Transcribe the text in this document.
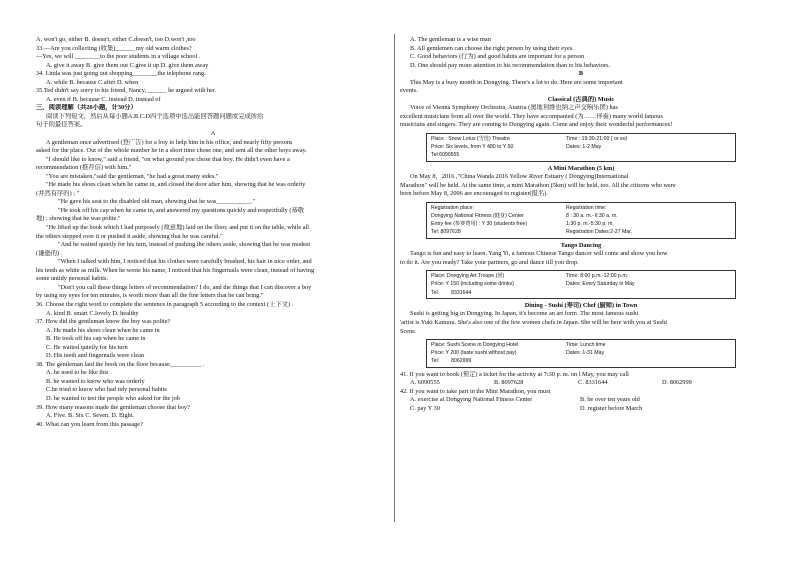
A. won't go, either B. doesn't, either C.doesn't, too D.won't ,too
33.—Are you collecting (收集)______ my old warm clothes?
—Yes, we will ________to the poor students in a village school .
A. give it away B. give them out C.give it up D. give them away
34. Linda was just going out shopping________the telephone rang.
A. while B. because C.after D. when
35.Ted didn't say sorry to his friend, Nancy, ______ he argued with her.
A. even if B. because C. instead D. instead of
三、阅读理解（共20小题，计30分）
阅读下列短文，然后从每小题A.B.C.D四个选项中选出能回答题问题或完成所给
句子的最佳答案。
A
A gentleman once advertised (登广告) for a boy to help him in his office, and nearly fifty persons
asked for the place. Out of the whole number he in a short time chose one, and sent all the other boys away.
"I should like to know," said a friend, "on what ground you chose that boy. He didn't even have a
recommendation (推荐信) with him."
"You are mistaken,"said the gentleman, "he had a great many sides."
"He made his shoes clean when he came in, and closed the door after him, showing that he was orderly
(井然有序的) ; "
"He gave his seat to the disabled old man, showing that he was___________."
"He took off his cap when he came in, and answered my questions quickly and respectfully (恭敬
地) ; showing that he was polite."
"He lifted up the book which I had purposely (故意地) laid on the floor, and put it on the table, while all
the others stepped over it or pushed it aside, showing that he was careful."
"And he waited quietly for his turn, instead of pushing the others aside, showing that he was modest
(谦逊的) .
"When I talked with him, I noticed that his clothes were carefully brushed, his hair in nice order, and
his teeth as white as milk. When he wrote his name, I noticed that his fingernails were clean, instead of having
some untidy personal habits.
"Don't you call these things letters of recommendation? I do, and the things that I can discover a boy
by using my eyes for ten minutes, is worth more than all the fine letters that he can bring."
36. Choose the right word to complete the sentence in paragraph 5 according to the context (上下文) .
A. kind B. smart C.lovely D. healthy
37. How did the gentleman know the boy was polite?
A. He made his shoes clean when he came in
B. He took off his cap when he came in
C. He waited quietly for his turn
D. His teeth and fingernails were clean
38. The gentleman laid the book on the floor because__________ .
A. he used to be like this
B. he wanted to know who was orderly
C.he tried to know who had tidy personal habits
D. he wanted to test the people who asked for the job
39. How many reasons made the gentleman choose that boy?
A. Five. B. Six C. Seven. D. Eight.
40. What can you learn from this passage?
A. The gentleman is a wise man
B. All gentlemen can choose the right person by using their eyes.
C. Good behaviors (行为) and good habits are important for a person
D. One should pay more attention to his recommendation than to his behaviors.
B
This May is a busy month in Dongying. There's a lot to do. Here are some important
events.
Classical (古典的) Music
Voice of Vienna Symphony Orchestra, Austria (奥地利维也纳之声交响乐团) has
excellent musicians from all over the world. They have accompanied (为……伴奏) many world famous
musicians and singers. They are coming to Dongying again. Come and enjoy their wonderful performances!
Place : Snow Lotus (雪莲) Theatre	Time : 19:30-21:00 ( or so)
Price: Six levels, from Y 480 to Y 50	Dates: 1-2 May
Tel:6090555
A Mini Marathon (5 km)
On May 8，2016 ,"China Wanda 2016 Yellow River Estuary ( Dongying)International
Marathon" will be held. At the same time, a mini Marathon (5km) will be held, too. All the citizens who were
born before May 8, 2006 are encouraged to register(报名).
Registration place:	Registration time:
Dongying National Fitness (健身) Center	8 : 30 a. m.- ll:30 a. m.
Entry fee (参赛费用) : Y 30 (students free)	1:30 p. m.-5:30 p. m.
Tel: 8097628	Registration Dates:2-27 Mar.
Tango Dancing
Tango is fun and easy to learn. Yang Yi, a famous Chinese Tango dancer will come and show you how
to do it. Are you ready? Take your partners, go and dance till you drop.
Place: Dongying Art Troupe (团)	Time: 8:00 p.m.-12:00 p.m.
Price: Y 150 (including some drinks)	Dates: Every Saturday in May
Tel:	8331644
Dining - Sushi (寿司) Chef (厨师) in Town
Sushi is getting big in Dongying. In Japan, it's become an art form .The most famous sushi
'artist is Yuki Kamura. She's also one of the few women chefs in Japan. She will be here with you at Sushi
Scene.
Place: Sushi Scene in Dongying Hotel	Time: Lunch time
Price: Y 200 (taste sushi without pay)	Dates: 1-31 May
Tel:	8062999
41. If you want to book (预定) a ticket for the activity at 7:30 p. m. on l May, you may call
A. 6090555	B. 8097628	C. 8331644	D. 8062999
42. If you want to take part in the Mini Marathon, you must
A. exercise at Dongying National Fitness Center	B. be over ten years old
C. pay Y 30	D. register before March
